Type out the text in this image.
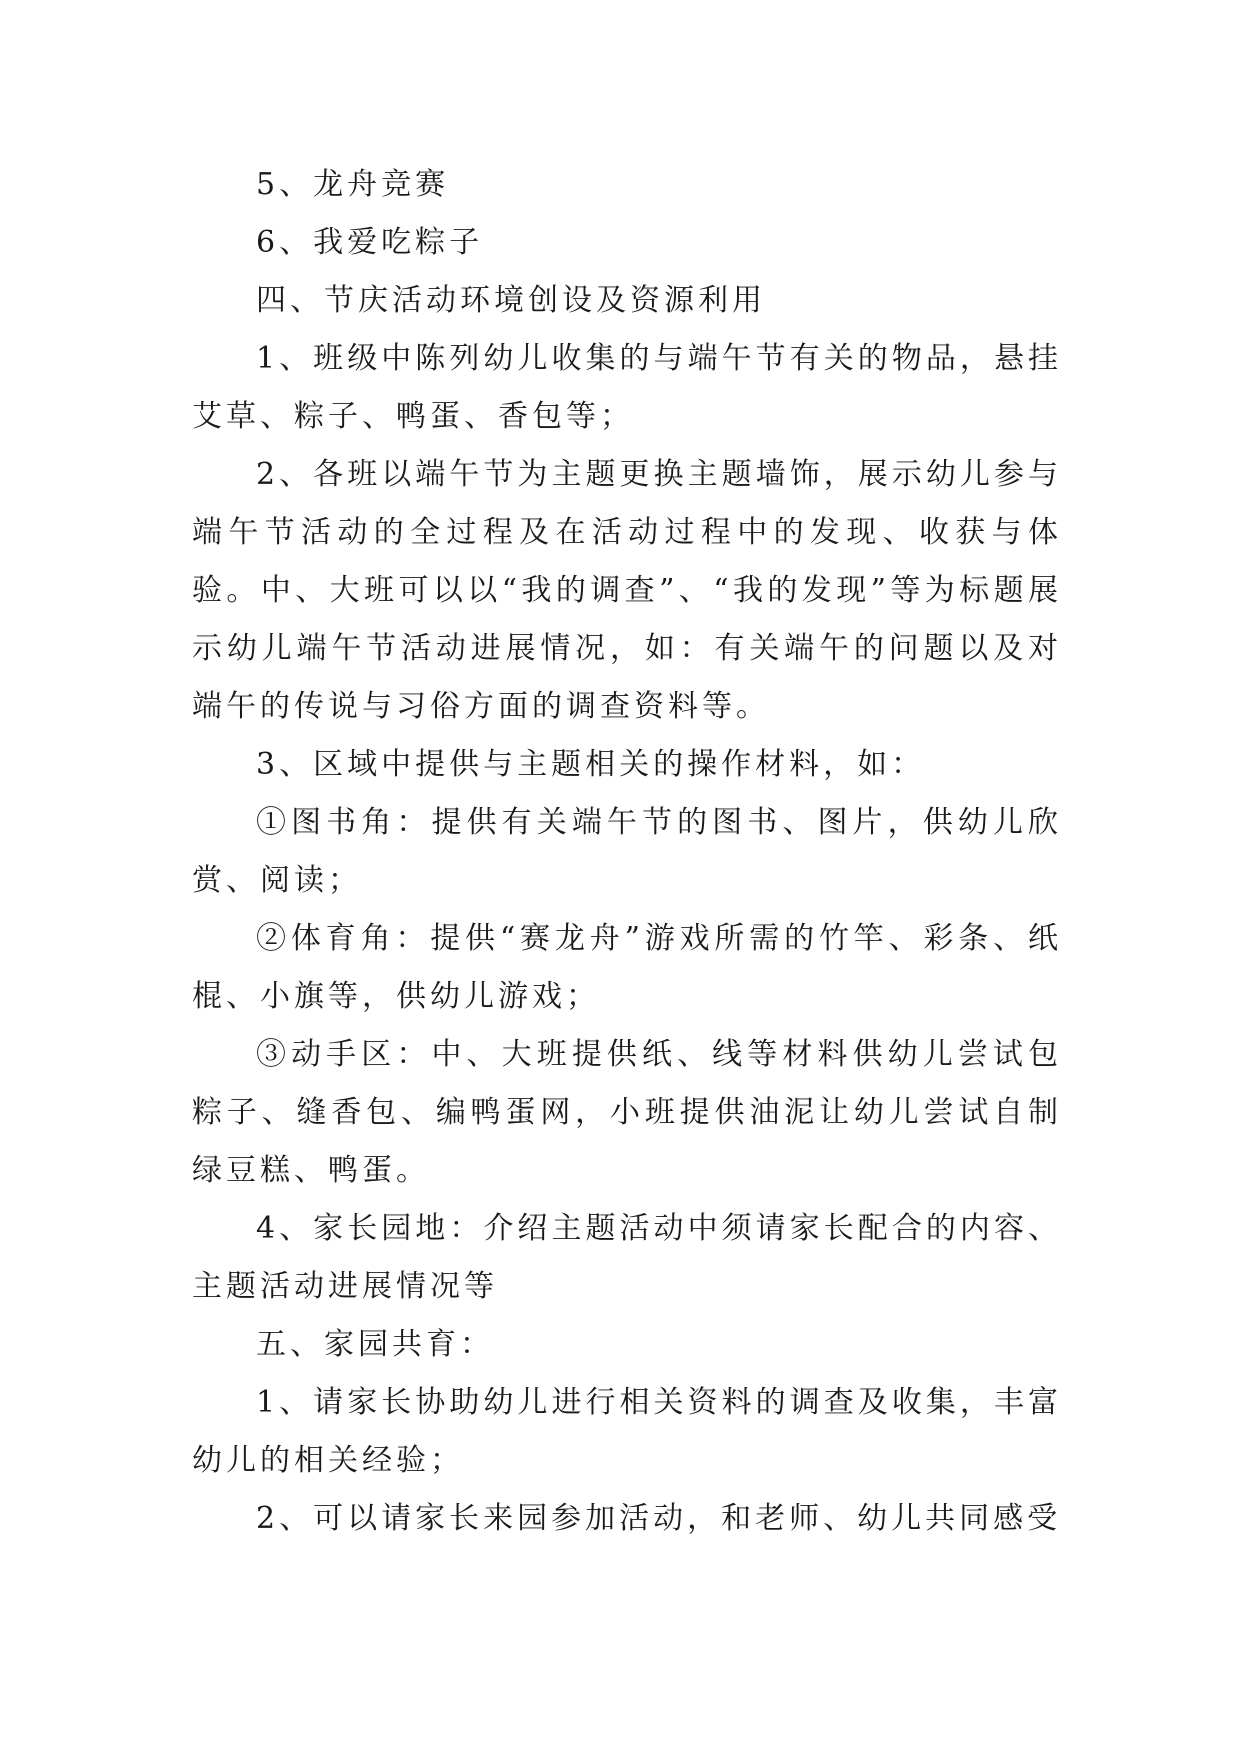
5、龙舟竞赛

6、我爱吃粽子

四、节庆活动环境创设及资源利用

1、班级中陈列幼儿收集的与端午节有关的物品，悬挂艾草、粽子、鸭蛋、香包等；

2、各班以端午节为主题更换主题墙饰，展示幼儿参与端午节活动的全过程及在活动过程中的发现、收获与体验。中、大班可以以“我的调查”、“我的发现”等为标题展示幼儿端午节活动进展情况，如：有关端午的问题以及对端午的传说与习俗方面的调查资料等。

3、区域中提供与主题相关的操作材料，如：

①图书角：提供有关端午节的图书、图片，供幼儿欣赏、阅读；

②体育角：提供“赛龙舟”游戏所需的竹竿、彩条、纸棍、小旗等，供幼儿游戏；

③动手区：中、大班提供纸、线等材料供幼儿尝试包粽子、缝香包、编鸭蛋网，小班提供油泥让幼儿尝试自制绿豆糕、鸭蛋。

4、家长园地：介绍主题活动中须请家长配合的内容、主题活动进展情况等

五、家园共育：

1、请家长协助幼儿进行相关资料的调查及收集，丰富幼儿的相关经验；

2、可以请家长来园参加活动，和老师、幼儿共同感受
